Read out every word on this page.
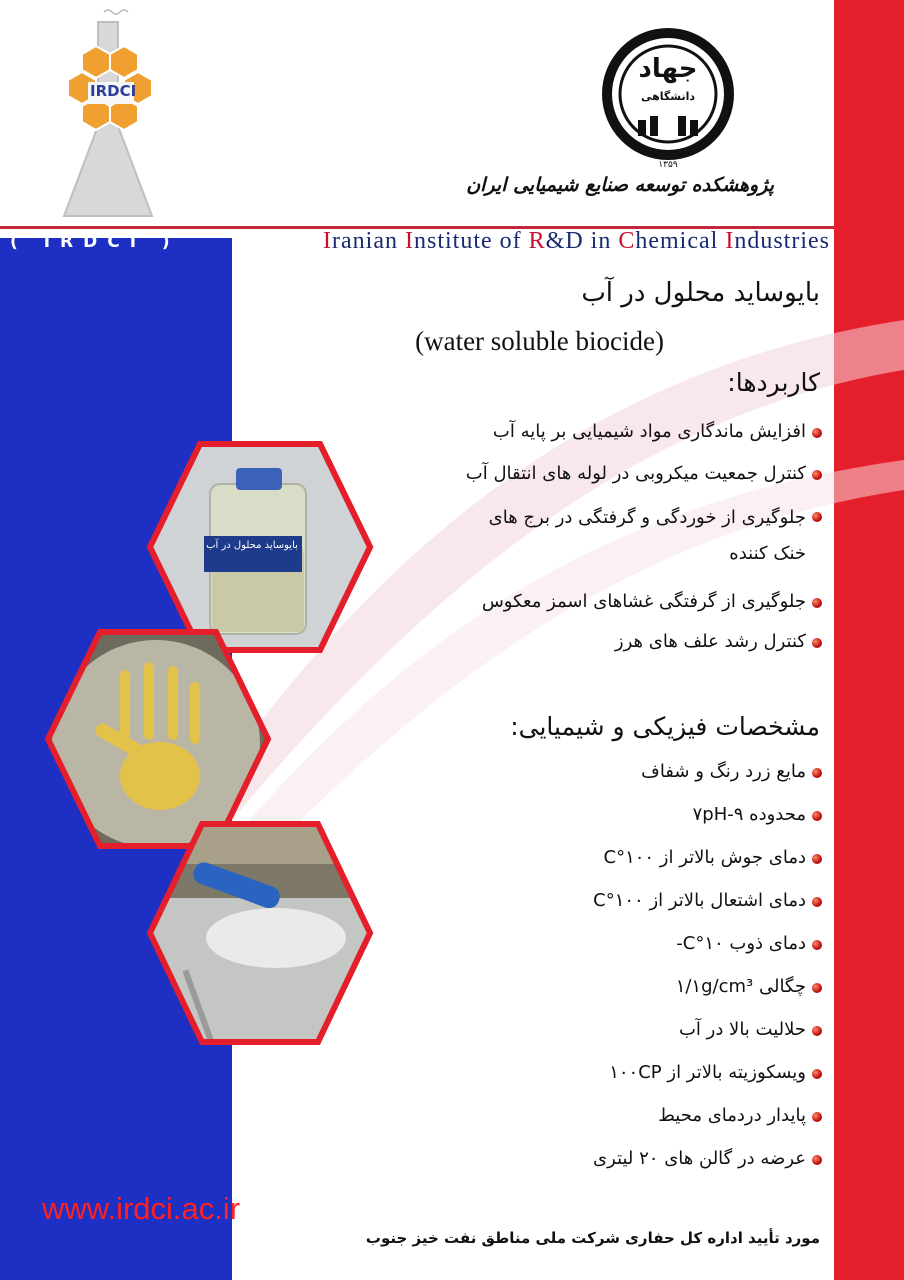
IRDCI
جهاد
دانشگاهی
۱۳۵۹
پژوهشکده توسعه صنایع شیمیایی ایران
( IRDCI )	Iranian Institute of R&D in Chemical Industries
بایوساید محلول در آب
(water soluble biocide)
کاربردها:
افزایش ماندگاری مواد شیمیایی بر پایه آب
کنترل جمعیت میکروبی در لوله های انتقال آب
جلوگیری از خوردگی و گرفتگی در برج های خنک کننده
جلوگیری از گرفتگی غشاهای اسمز معکوس
کنترل رشد علف های هرز
مشخصات فیزیکی و شیمیایی:
مایع زرد رنگ و شفاف
محدوده ۷pH-۹
دمای جوش بالاتر از ۱۰۰°C
دمای اشتعال بالاتر از ۱۰۰°C
دمای ذوب ۱۰°C-
چگالی ۱/۱g/cm³
حلالیت بالا در آب
ویسکوزیته بالاتر از ۱۰۰CP
پایدار دردمای محیط
عرضه در گالن های ۲۰ لیتری
بایوساید محلول در آب
www.irdci.ac.ir
مورد تأیید اداره کل حفاری شرکت ملی مناطق نفت خیز جنوب
